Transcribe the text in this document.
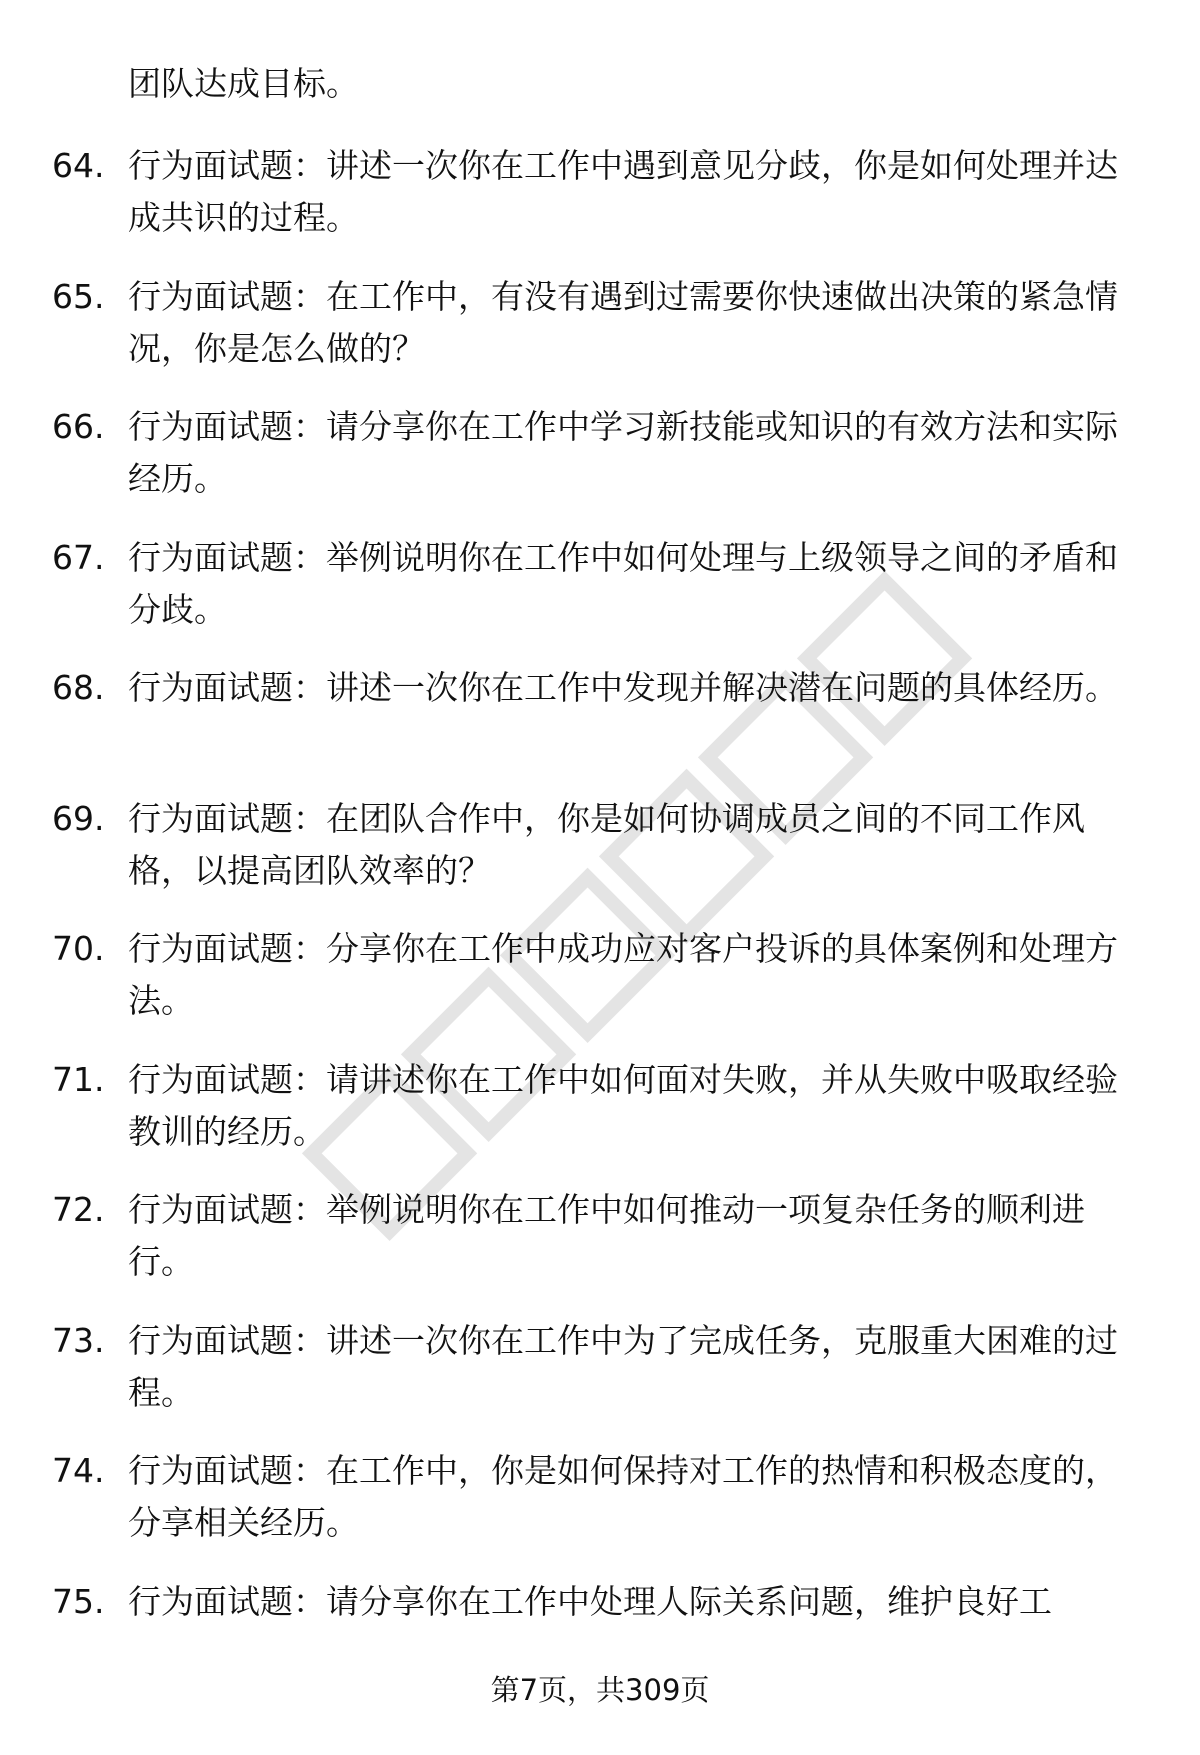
团队达成目标。
64. 行为面试题：讲述一次你在工作中遇到意见分歧，你是如何处理并达成共识的过程。
65. 行为面试题：在工作中，有没有遇到过需要你快速做出决策的紧急情况，你是怎么做的？
66. 行为面试题：请分享你在工作中学习新技能或知识的有效方法和实际经历。
67. 行为面试题：举例说明你在工作中如何处理与上级领导之间的矛盾和分歧。
68. 行为面试题：讲述一次你在工作中发现并解决潜在问题的具体经历。
69. 行为面试题：在团队合作中，你是如何协调成员之间的不同工作风格，以提高团队效率的？
70. 行为面试题：分享你在工作中成功应对客户投诉的具体案例和处理方法。
71. 行为面试题：请讲述你在工作中如何面对失败，并从失败中吸取经验教训的经历。
72. 行为面试题：举例说明你在工作中如何推动一项复杂任务的顺利进行。
73. 行为面试题：讲述一次你在工作中为了完成任务，克服重大困难的过程。
74. 行为面试题：在工作中，你是如何保持对工作的热情和积极态度的，分享相关经历。
75. 行为面试题：请分享你在工作中处理人际关系问题，维护良好工
第7页，共309页
